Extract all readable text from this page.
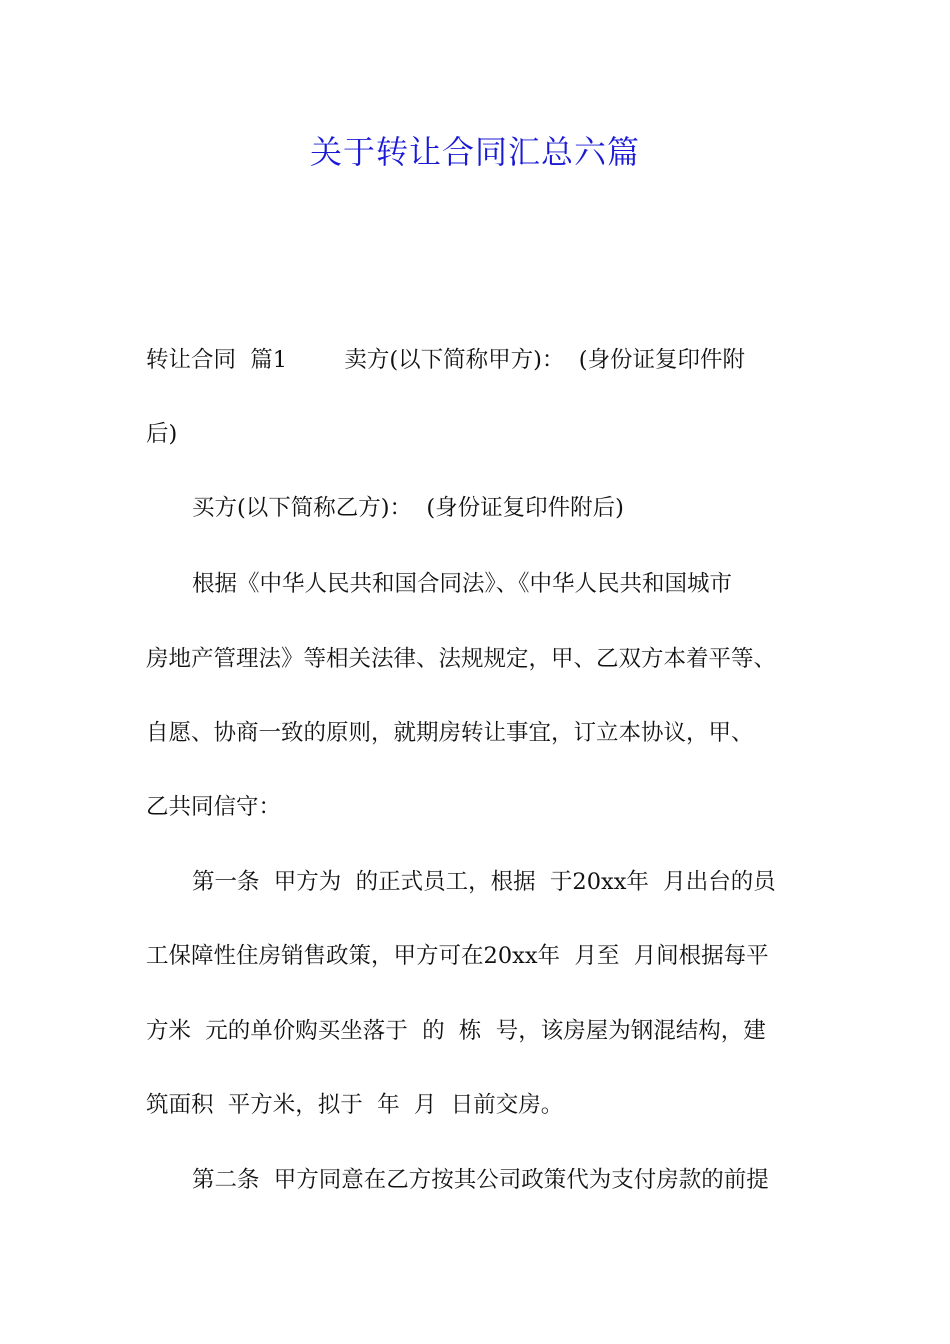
关于转让合同汇总六篇
转让合同  篇1        卖方(以下简称甲方)：  (身份证复印件附
后)
买方(以下简称乙方)：  (身份证复印件附后)
根据《中华人民共和国合同法》、《中华人民共和国城市
房地产管理法》等相关法律、法规规定，甲、乙双方本着平等、
自愿、协商一致的原则，就期房转让事宜，订立本协议，甲、
乙共同信守：
第一条  甲方为  的正式员工，根据  于20xx年  月出台的员
工保障性住房销售政策，甲方可在20xx年  月至  月间根据每平
方米  元的单价购买坐落于  的  栋  号，该房屋为钢混结构，建
筑面积  平方米，拟于  年  月  日前交房。
第二条  甲方同意在乙方按其公司政策代为支付房款的前提
